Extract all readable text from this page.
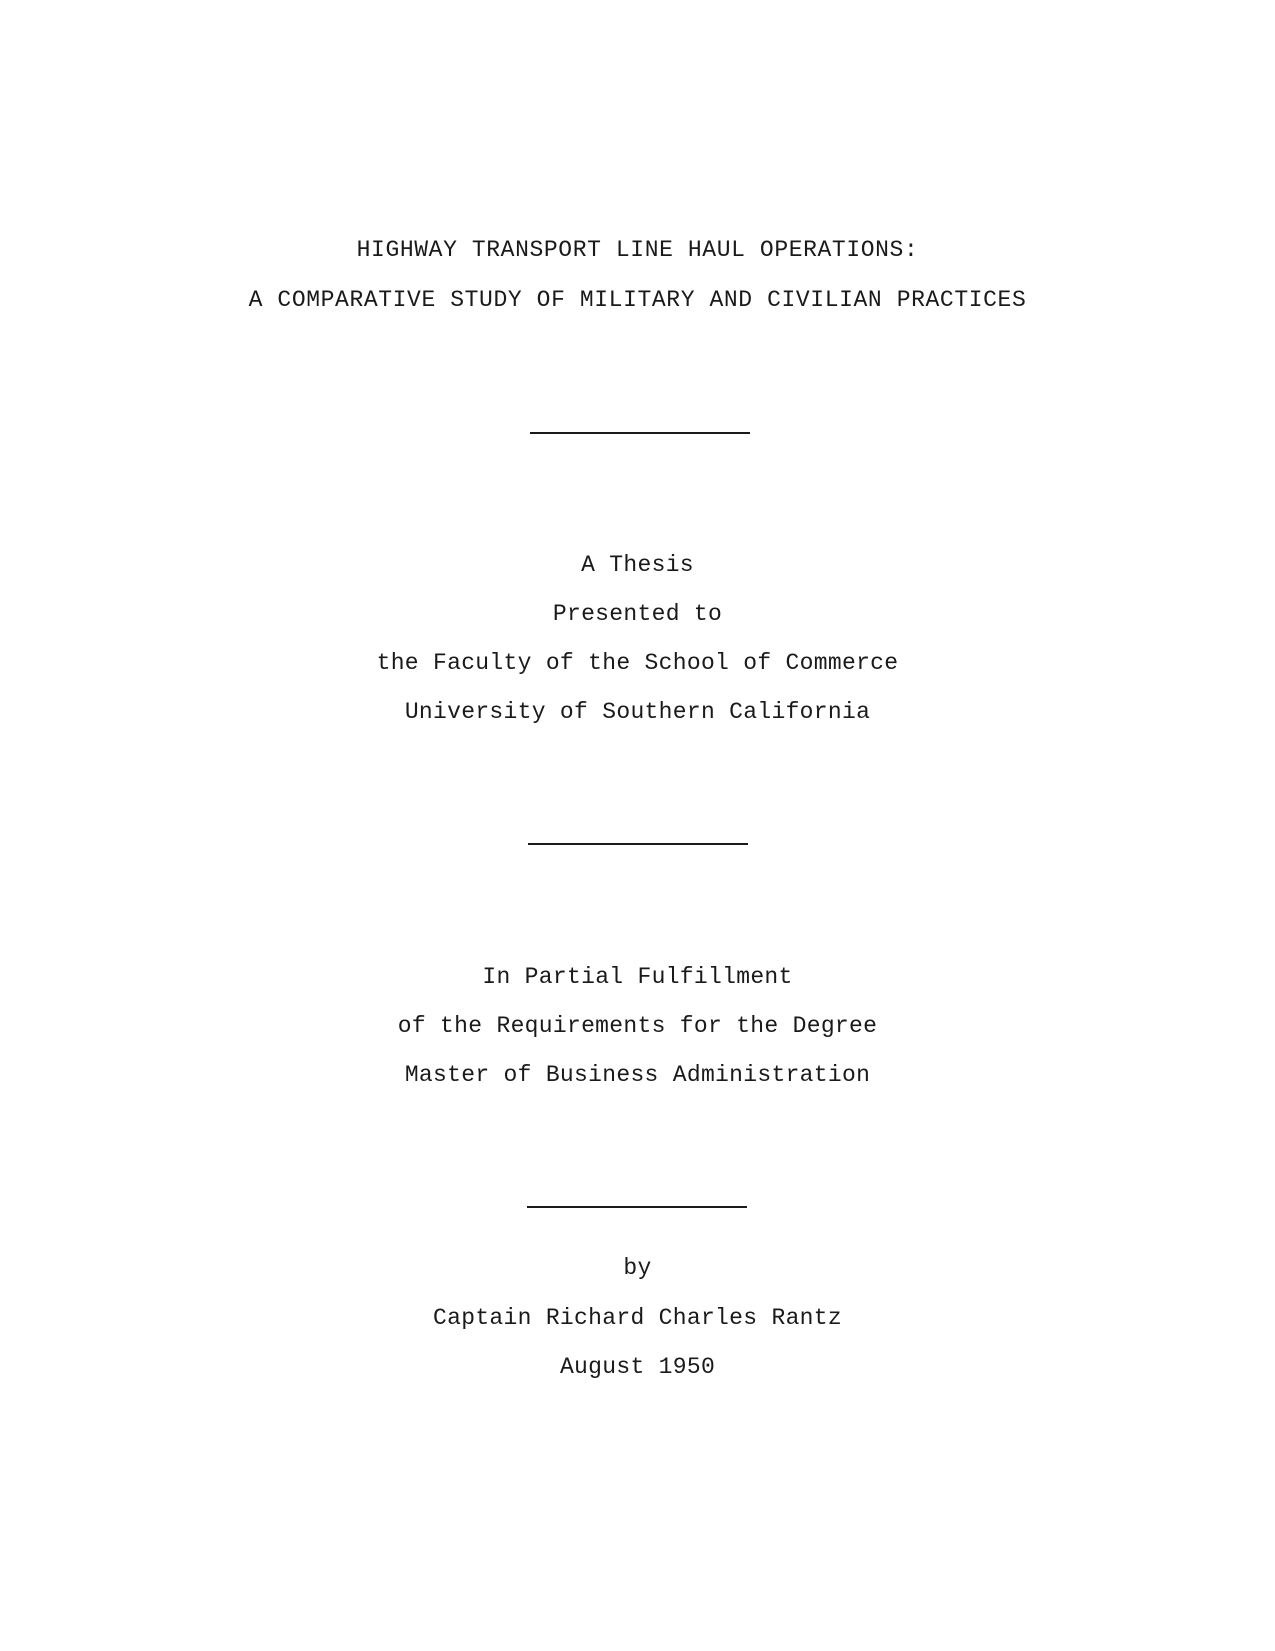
HIGHWAY TRANSPORT LINE HAUL OPERATIONS:
A COMPARATIVE STUDY OF MILITARY AND CIVILIAN PRACTICES
A Thesis
Presented to
the Faculty of the School of Commerce
University of Southern California
In Partial Fulfillment
of the Requirements for the Degree
Master of Business Administration
by
Captain Richard Charles Rantz
August 1950
